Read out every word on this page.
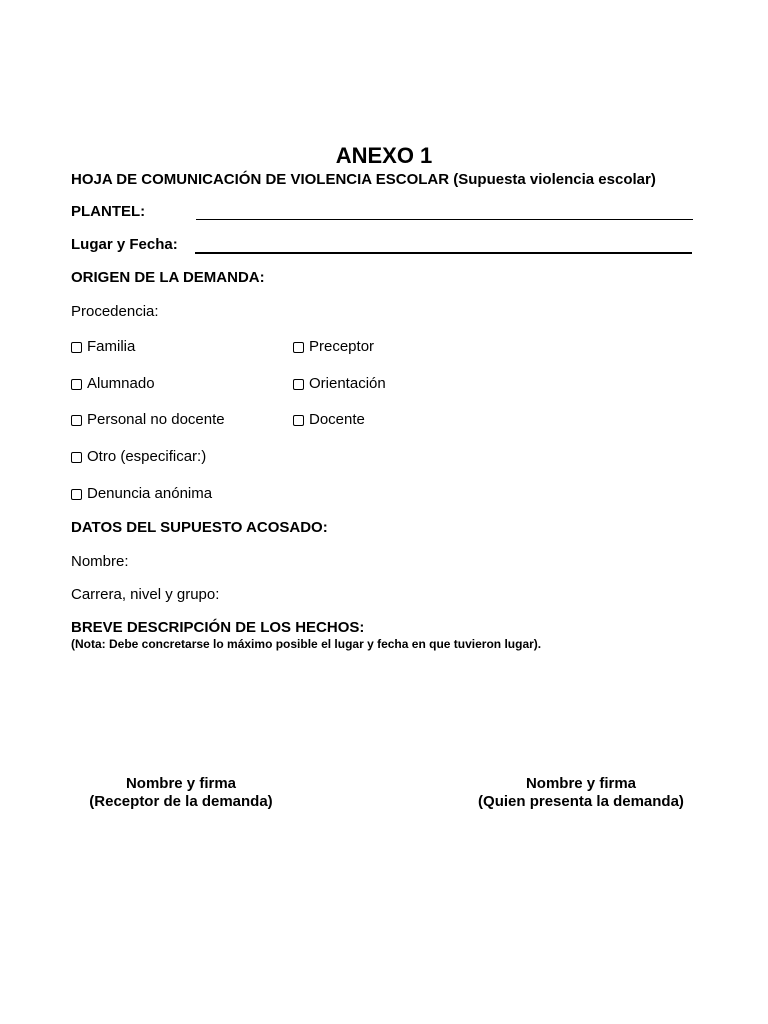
ANEXO 1
HOJA DE COMUNICACIÓN DE VIOLENCIA ESCOLAR (Supuesta violencia escolar)
PLANTEL:
Lugar y Fecha:
ORIGEN DE LA DEMANDA:
Procedencia:
Familia
Alumnado
Personal no docente
Otro (especificar:)
Denuncia anónima
Preceptor
Orientación
Docente
DATOS DEL SUPUESTO ACOSADO:
Nombre:
Carrera, nivel y grupo:
BREVE DESCRIPCIÓN DE LOS HECHOS:
(Nota: Debe concretarse lo máximo posible el lugar y fecha en que tuvieron lugar).
Nombre y firma
(Receptor de la demanda)
Nombre y firma
(Quien presenta la demanda)
